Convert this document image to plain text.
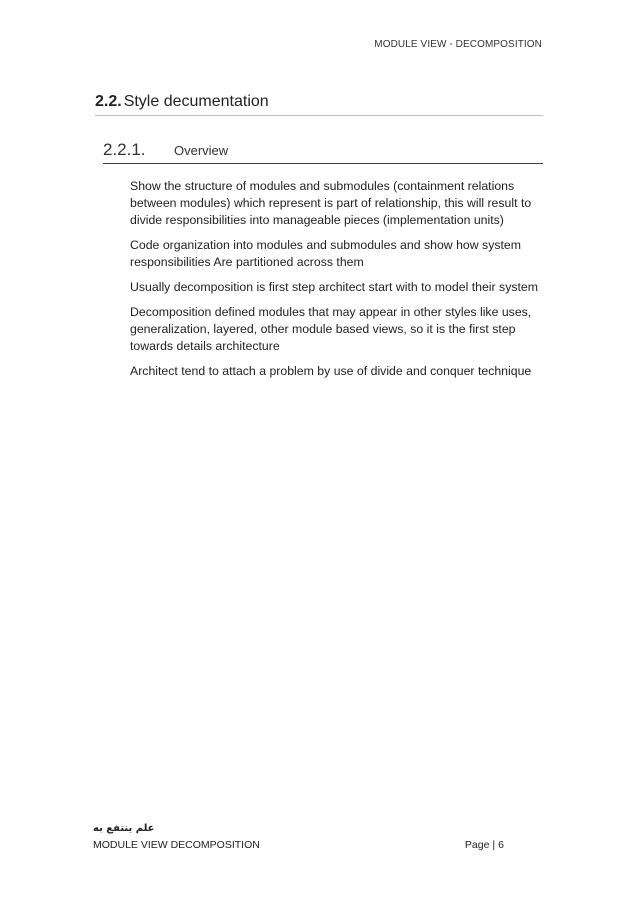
MODULE VIEW - DECOMPOSITION
2.2. Style decumentation
2.2.1.	Overview

Show the structure of modules and submodules (containment relations between modules) which represent is part of relationship, this will result to divide responsibilities into manageable pieces (implementation units)

Code organization into modules and submodules and show how system responsibilities Are partitioned across them

Usually decomposition is first step architect start with to model their system

Decomposition defined modules that may appear in other styles like uses, generalization, layered, other module based views, so it is the first step towards details architecture

Architect tend to attach a problem by use of divide and conquer technique

علم ينتفع به
MODULE VIEW DECOMPOSITION	Page | 6
